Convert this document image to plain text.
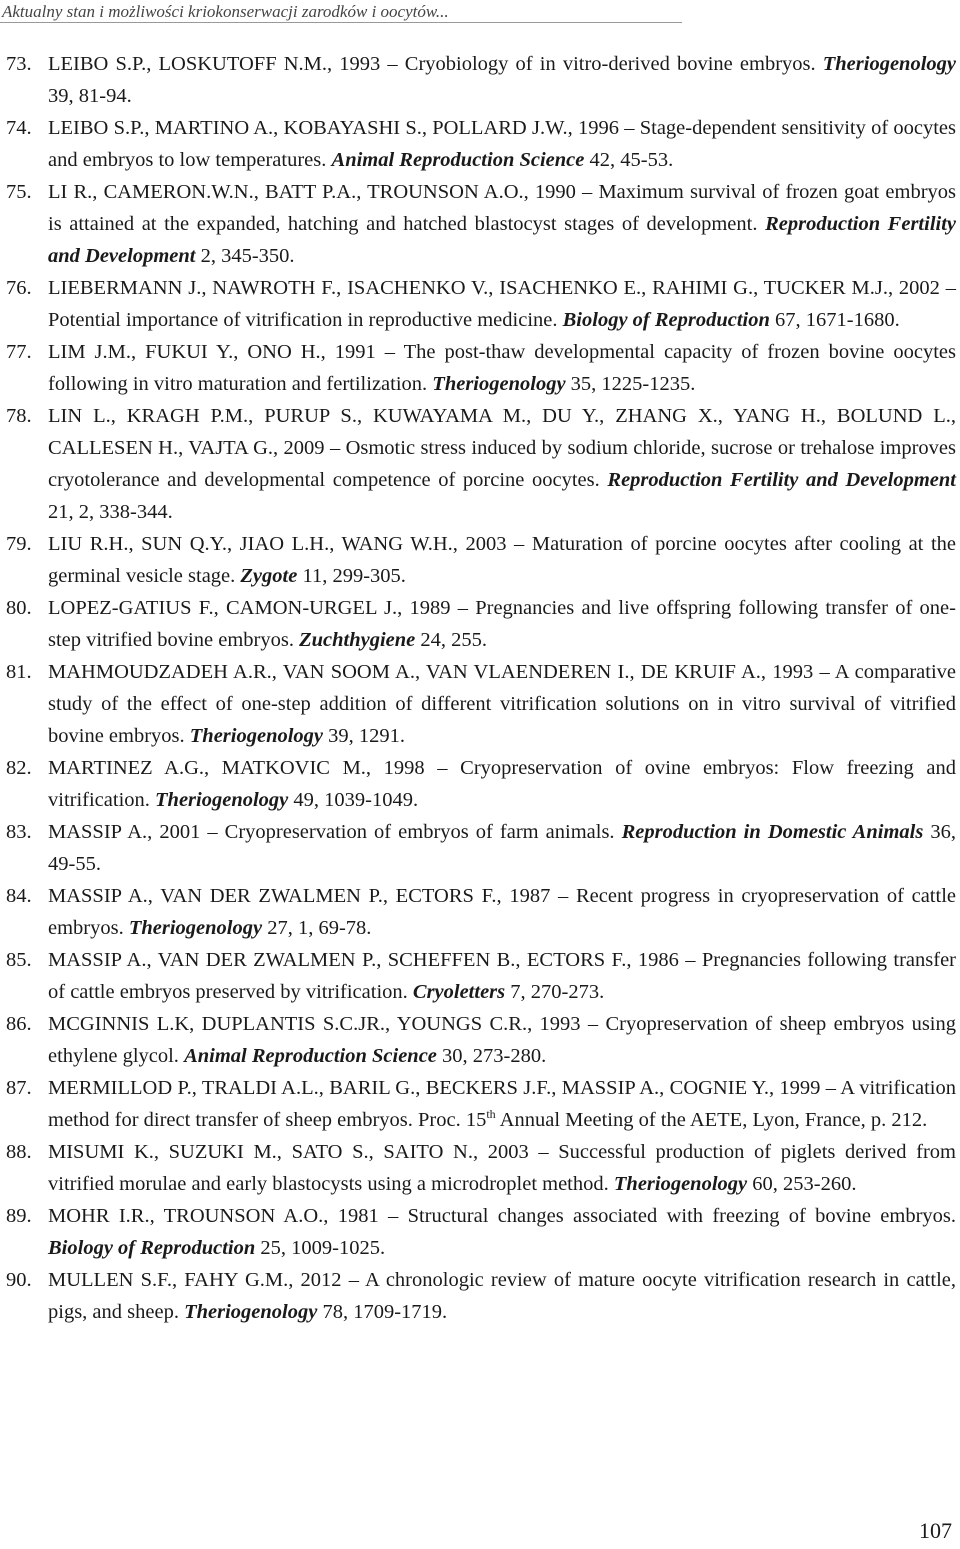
Aktualny stan i możliwości kriokonserwacji zarodków i oocytów...
73. LEIBO S.P., LOSKUTOFF N.M., 1993 – Cryobiology of in vitro-derived bovine embryos. Theriogenology 39, 81-94.
74. LEIBO S.P., MARTINO A., KOBAYASHI S., POLLARD J.W., 1996 – Stage-dependent sensitivity of oocytes and embryos to low temperatures. Animal Reproduction Science 42, 45-53.
75. LI R., CAMERON.W.N., BATT P.A., TROUNSON A.O., 1990 – Maximum survival of frozen goat embryos is attained at the expanded, hatching and hatched blastocyst stages of development. Reproduction Fertility and Development 2, 345-350.
76. LIEBERMANN J., NAWROTH F., ISACHENKO V., ISACHENKO E., RAHIMI G., TUCKER M.J., 2002 – Potential importance of vitrification in reproductive medicine. Biology of Reproduction 67, 1671-1680.
77. LIM J.M., FUKUI Y., ONO H., 1991 – The post-thaw developmental capacity of frozen bovine oocytes following in vitro maturation and fertilization. Theriogenology 35, 1225-1235.
78. LIN L., KRAGH P.M., PURUP S., KUWAYAMA M., DU Y., ZHANG X., YANG H., BOLUND L., CALLESEN H., VAJTA G., 2009 – Osmotic stress induced by sodium chloride, sucrose or trehalose improves cryotolerance and developmental competence of porcine oocytes. Reproduction Fertility and Development 21, 2, 338-344.
79. LIU R.H., SUN Q.Y., JIAO L.H., WANG W.H., 2003 – Maturation of porcine oocytes after cooling at the germinal vesicle stage. Zygote 11, 299-305.
80. LOPEZ-GATIUS F., CAMON-URGEL J., 1989 – Pregnancies and live offspring following transfer of one-step vitrified bovine embryos. Zuchthygiene 24, 255.
81. MAHMOUDZADEH A.R., VAN SOOM A., VAN VLAENDEREN I., DE KRUIF A., 1993 – A comparative study of the effect of one-step addition of different vitrification solutions on in vitro survival of vitrified bovine embryos. Theriogenology 39, 1291.
82. MARTINEZ A.G., MATKOVIC M., 1998 – Cryopreservation of ovine embryos: Flow freezing and vitrification. Theriogenology 49, 1039-1049.
83. MASSIP A., 2001 – Cryopreservation of embryos of farm animals. Reproduction in Domestic Animals 36, 49-55.
84. MASSIP A., VAN DER ZWALMEN P., ECTORS F., 1987 – Recent progress in cryopreservation of cattle embryos. Theriogenology 27, 1, 69-78.
85. MASSIP A., VAN DER ZWALMEN P., SCHEFFEN B., ECTORS F., 1986 – Pregnancies following transfer of cattle embryos preserved by vitrification. Cryoletters 7, 270-273.
86. MCGINNIS L.K, DUPLANTIS S.C.JR., YOUNGS C.R., 1993 – Cryopreservation of sheep embryos using ethylene glycol. Animal Reproduction Science 30, 273-280.
87. MERMILLOD P., TRALDI A.L., BARIL G., BECKERS J.F., MASSIP A., COGNIE Y., 1999 – A vitrification method for direct transfer of sheep embryos. Proc. 15th Annual Meeting of the AETE, Lyon, France, p. 212.
88. MISUMI K., SUZUKI M., SATO S., SAITO N., 2003 – Successful production of piglets derived from vitrified morulae and early blastocysts using a microdroplet method. Theriogenology 60, 253-260.
89. MOHR I.R., TROUNSON A.O., 1981 – Structural changes associated with freezing of bovine embryos. Biology of Reproduction 25, 1009-1025.
90. MULLEN S.F., FAHY G.M., 2012 – A chronologic review of mature oocyte vitrification research in cattle, pigs, and sheep. Theriogenology 78, 1709-1719.
107
